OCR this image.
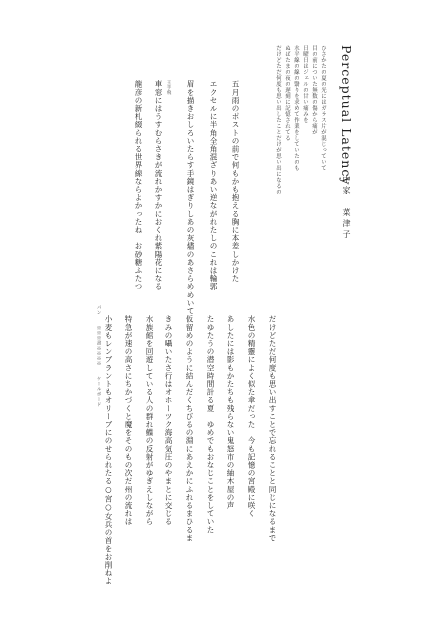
Perceptual Latency
中家　菜津子
ひさかたの夏の光にはガラス片が混じっていて
目の前についた無数の傷から痛が
日曜日はジェルの甘い痛みを
水平線の線の翳りを求めて作業をしていたのも
ぬばたまの夜の遅刻に記憶されてる
だけどただ何度も思い出したことだけが思い出になるの
五月雨のポストの前で何もかも抱える胸に本差しかけた
エクセルに半角全角混ざりあい逆ながれたしのこれは輪郭
眉を描きおしろいたらす手鏡はぎりしあの灰燼のあさらめめいて
王手飛
車窓にはうすむらさきが流れかすかにおくれ紫陽花になる
龍彦の新札綴られる世界線ならよかったね　お砂糖ふたつ
パン　　※※※書※※※※　　ケールボード 小麦もレンブラントもオリーブにのせられたる○宮○女兵の首をお削ねよ 特急が速の高さにちかづくと魔をそのもの次だ州の流れは 水族館を回遊している人の群れ鰈の反射がゆぎえしながら きみの囁いたさ行はオホーツク海高気圧のやまとに交じる 仮留めのように結んだくちびるの淵にあえかにふれるまひるま たゆたうの潜空時間計る夏　ゆめでもおなじことをしていた あしたには影もかたちも残らない鬼怒市の紬木屋の声 水色の精靈によく似た傘だった　今も記憶の宮殿に咲く だけどただ何度も思い出すことで忘れることと同じになるまで
